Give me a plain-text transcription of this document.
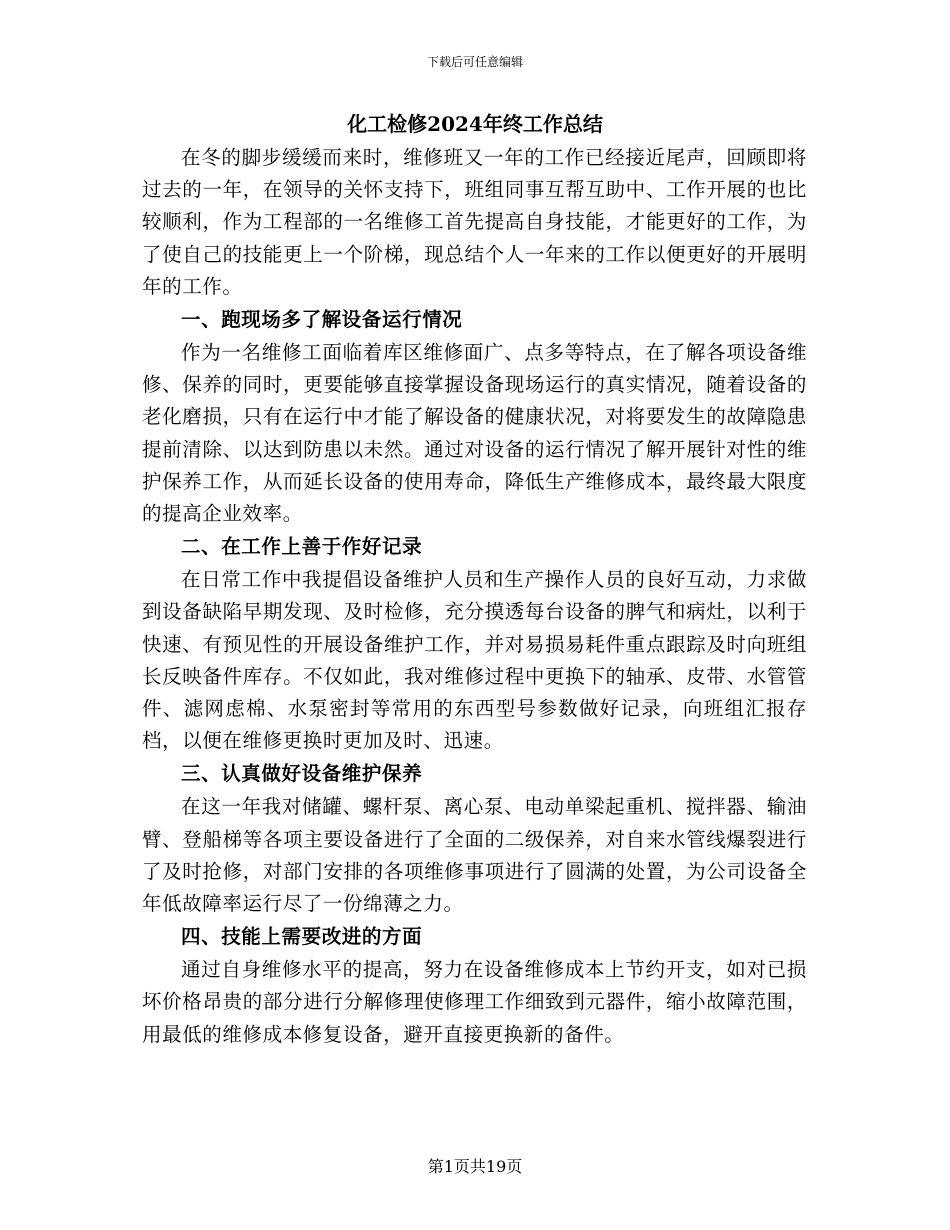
下载后可任意编辑
化工检修2024年终工作总结

在冬的脚步缓缓而来时，维修班又一年的工作已经接近尾声，回顾即将过去的一年，在领导的关怀支持下，班组同事互帮互助中、工作开展的也比较顺利，作为工程部的一名维修工首先提高自身技能，才能更好的工作，为了使自己的技能更上一个阶梯，现总结个人一年来的工作以便更好的开展明年的工作。

一、跑现场多了解设备运行情况

作为一名维修工面临着库区维修面广、点多等特点，在了解各项设备维修、保养的同时，更要能够直接掌握设备现场运行的真实情况，随着设备的老化磨损，只有在运行中才能了解设备的健康状况，对将要发生的故障隐患提前清除、以达到防患以未然。通过对设备的运行情况了解开展针对性的维护保养工作，从而延长设备的使用寿命，降低生产维修成本，最终最大限度的提高企业效率。

二、在工作上善于作好记录

在日常工作中我提倡设备维护人员和生产操作人员的良好互动，力求做到设备缺陷早期发现、及时检修，充分摸透每台设备的脾气和病灶，以利于快速、有预见性的开展设备维护工作，并对易损易耗件重点跟踪及时向班组长反映备件库存。不仅如此，我对维修过程中更换下的轴承、皮带、水管管件、滤网虑棉、水泵密封等常用的东西型号参数做好记录，向班组汇报存档，以便在维修更换时更加及时、迅速。

三、认真做好设备维护保养

在这一年我对储罐、螺杆泵、离心泵、电动单梁起重机、搅拌器、输油臂、登船梯等各项主要设备进行了全面的二级保养，对自来水管线爆裂进行了及时抢修，对部门安排的各项维修事项进行了圆满的处置，为公司设备全年低故障率运行尽了一份绵薄之力。

四、技能上需要改进的方面

通过自身维修水平的提高，努力在设备维修成本上节约开支，如对已损坏价格昂贵的部分进行分解修理使修理工作细致到元器件，缩小故障范围，用最低的维修成本修复设备，避开直接更换新的备件。

第1页共19页
